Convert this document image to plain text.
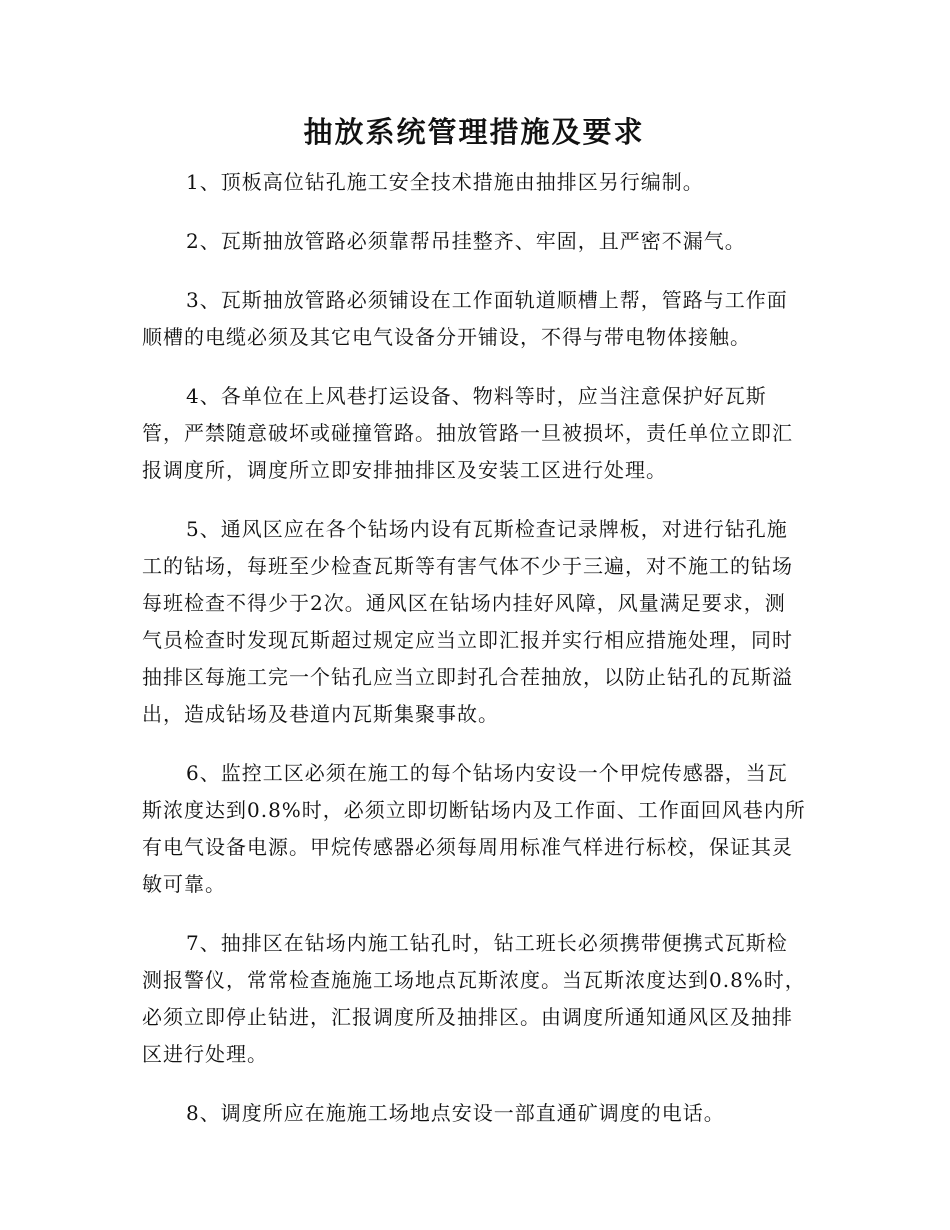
抽放系统管理措施及要求

1、顶板高位钻孔施工安全技术措施由抽排区另行编制。

2、瓦斯抽放管路必须靠帮吊挂整齐、牢固，且严密不漏气。

3、瓦斯抽放管路必须铺设在工作面轨道顺槽上帮，管路与工作面顺槽的电缆必须及其它电气设备分开铺设，不得与带电物体接触。

4、各单位在上风巷打运设备、物料等时，应当注意保护好瓦斯管，严禁随意破坏或碰撞管路。抽放管路一旦被损坏，责任单位立即汇报调度所，调度所立即安排抽排区及安装工区进行处理。

5、通风区应在各个钻场内设有瓦斯检查记录牌板，对进行钻孔施工的钻场，每班至少检查瓦斯等有害气体不少于三遍，对不施工的钻场每班检查不得少于2次。通风区在钻场内挂好风障，风量满足要求，测气员检查时发现瓦斯超过规定应当立即汇报并实行相应措施处理，同时抽排区每施工完一个钻孔应当立即封孔合茬抽放，以防止钻孔的瓦斯溢出，造成钻场及巷道内瓦斯集聚事故。

6、监控工区必须在施工的每个钻场内安设一个甲烷传感器，当瓦斯浓度达到0.8%时，必须立即切断钻场内及工作面、工作面回风巷内所有电气设备电源。甲烷传感器必须每周用标准气样进行标校，保证其灵敏可靠。

7、抽排区在钻场内施工钻孔时，钻工班长必须携带便携式瓦斯检测报警仪，常常检查施施工场地点瓦斯浓度。当瓦斯浓度达到0.8%时，必须立即停止钻进，汇报调度所及抽排区。由调度所通知通风区及抽排区进行处理。

8、调度所应在施施工场地点安设一部直通矿调度的电话。
